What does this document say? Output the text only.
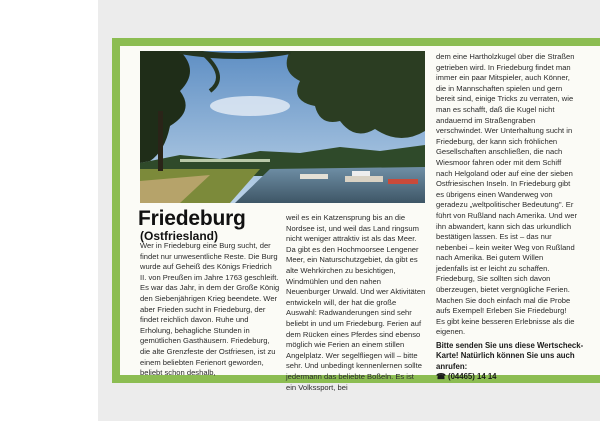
Friedeburg
(Ostfriesland)

Wer in Friedeburg eine Burg sucht, der findet nur unwesentliche Reste. Die Burg wurde auf Geheiß des Königs Friedrich II. von Preußen im Jahre 1763 geschleift. Es war das Jahr, in dem der Große König den Siebenjährigen Krieg beendete. Wer aber Frieden sucht in Friedeburg, der findet reichlich davon. Ruhe und Erholung, behagliche Stunden in gemütlichen Gasthäusern. Friedeburg, die alte Grenzfeste der Ostfriesen, ist zu einem beliebten Ferienort geworden, beliebt schon deshalb,

weil es ein Katzensprung bis an die Nordsee ist, und weil das Land ringsum nicht weniger attraktiv ist als das Meer. Da gibt es den Hochmoorsee Lengener Meer, ein Naturschutzgebiet, da gibt es alte Wehrkirchen zu besichtigen, Windmühlen und den nahen Neuenburger Urwald. Und wer Aktivitäten entwickeln will, der hat die große Auswahl: Radwanderungen sind sehr beliebt in und um Friedeburg. Ferien auf dem Rücken eines Pferdes sind ebenso möglich wie Ferien an einem stillen Angelplatz. Wer segelfliegen will – bitte sehr. Und unbedingt kennenlernen sollte jedermann das beliebte Boßeln. Es ist ein Volkssport, bei

dem eine Hartholzkugel über die Straßen getrieben wird. In Friedeburg findet man immer ein paar Mitspieler, auch Könner, die in Mannschaften spielen und gern bereit sind, einige Tricks zu verraten, wie man es schafft, daß die Kugel nicht andauernd im Straßengraben verschwindet. Wer Unterhaltung sucht in Friedeburg, der kann sich fröhlichen Gesellschaften anschließen, die nach Wiesmoor fahren oder mit dem Schiff nach Helgoland oder auf eine der sieben Ostfriesischen Inseln. In Friedeburg gibt es übrigens einen Wanderweg von geradezu „weltpolitischer Bedeutung". Er führt von Rußland nach Amerika. Und wer ihn abwandert, kann sich das urkundlich bestätigen lassen. Es ist – das nur nebenbei – kein weiter Weg von Rußland nach Amerika. Bei gutem Willen jedenfalls ist er leicht zu schaffen. Friedeburg, Sie sollten sich davon überzeugen, bietet vergnügliche Ferien. Machen Sie doch einfach mal die Probe aufs Exempel! Erleben Sie Friedeburg! Es gibt keine besseren Erlebnisse als die eigenen.

Bitte senden Sie uns diese Wertscheck-Karte! Natürlich können Sie uns auch anrufen:
☎ (04465) 14 14
